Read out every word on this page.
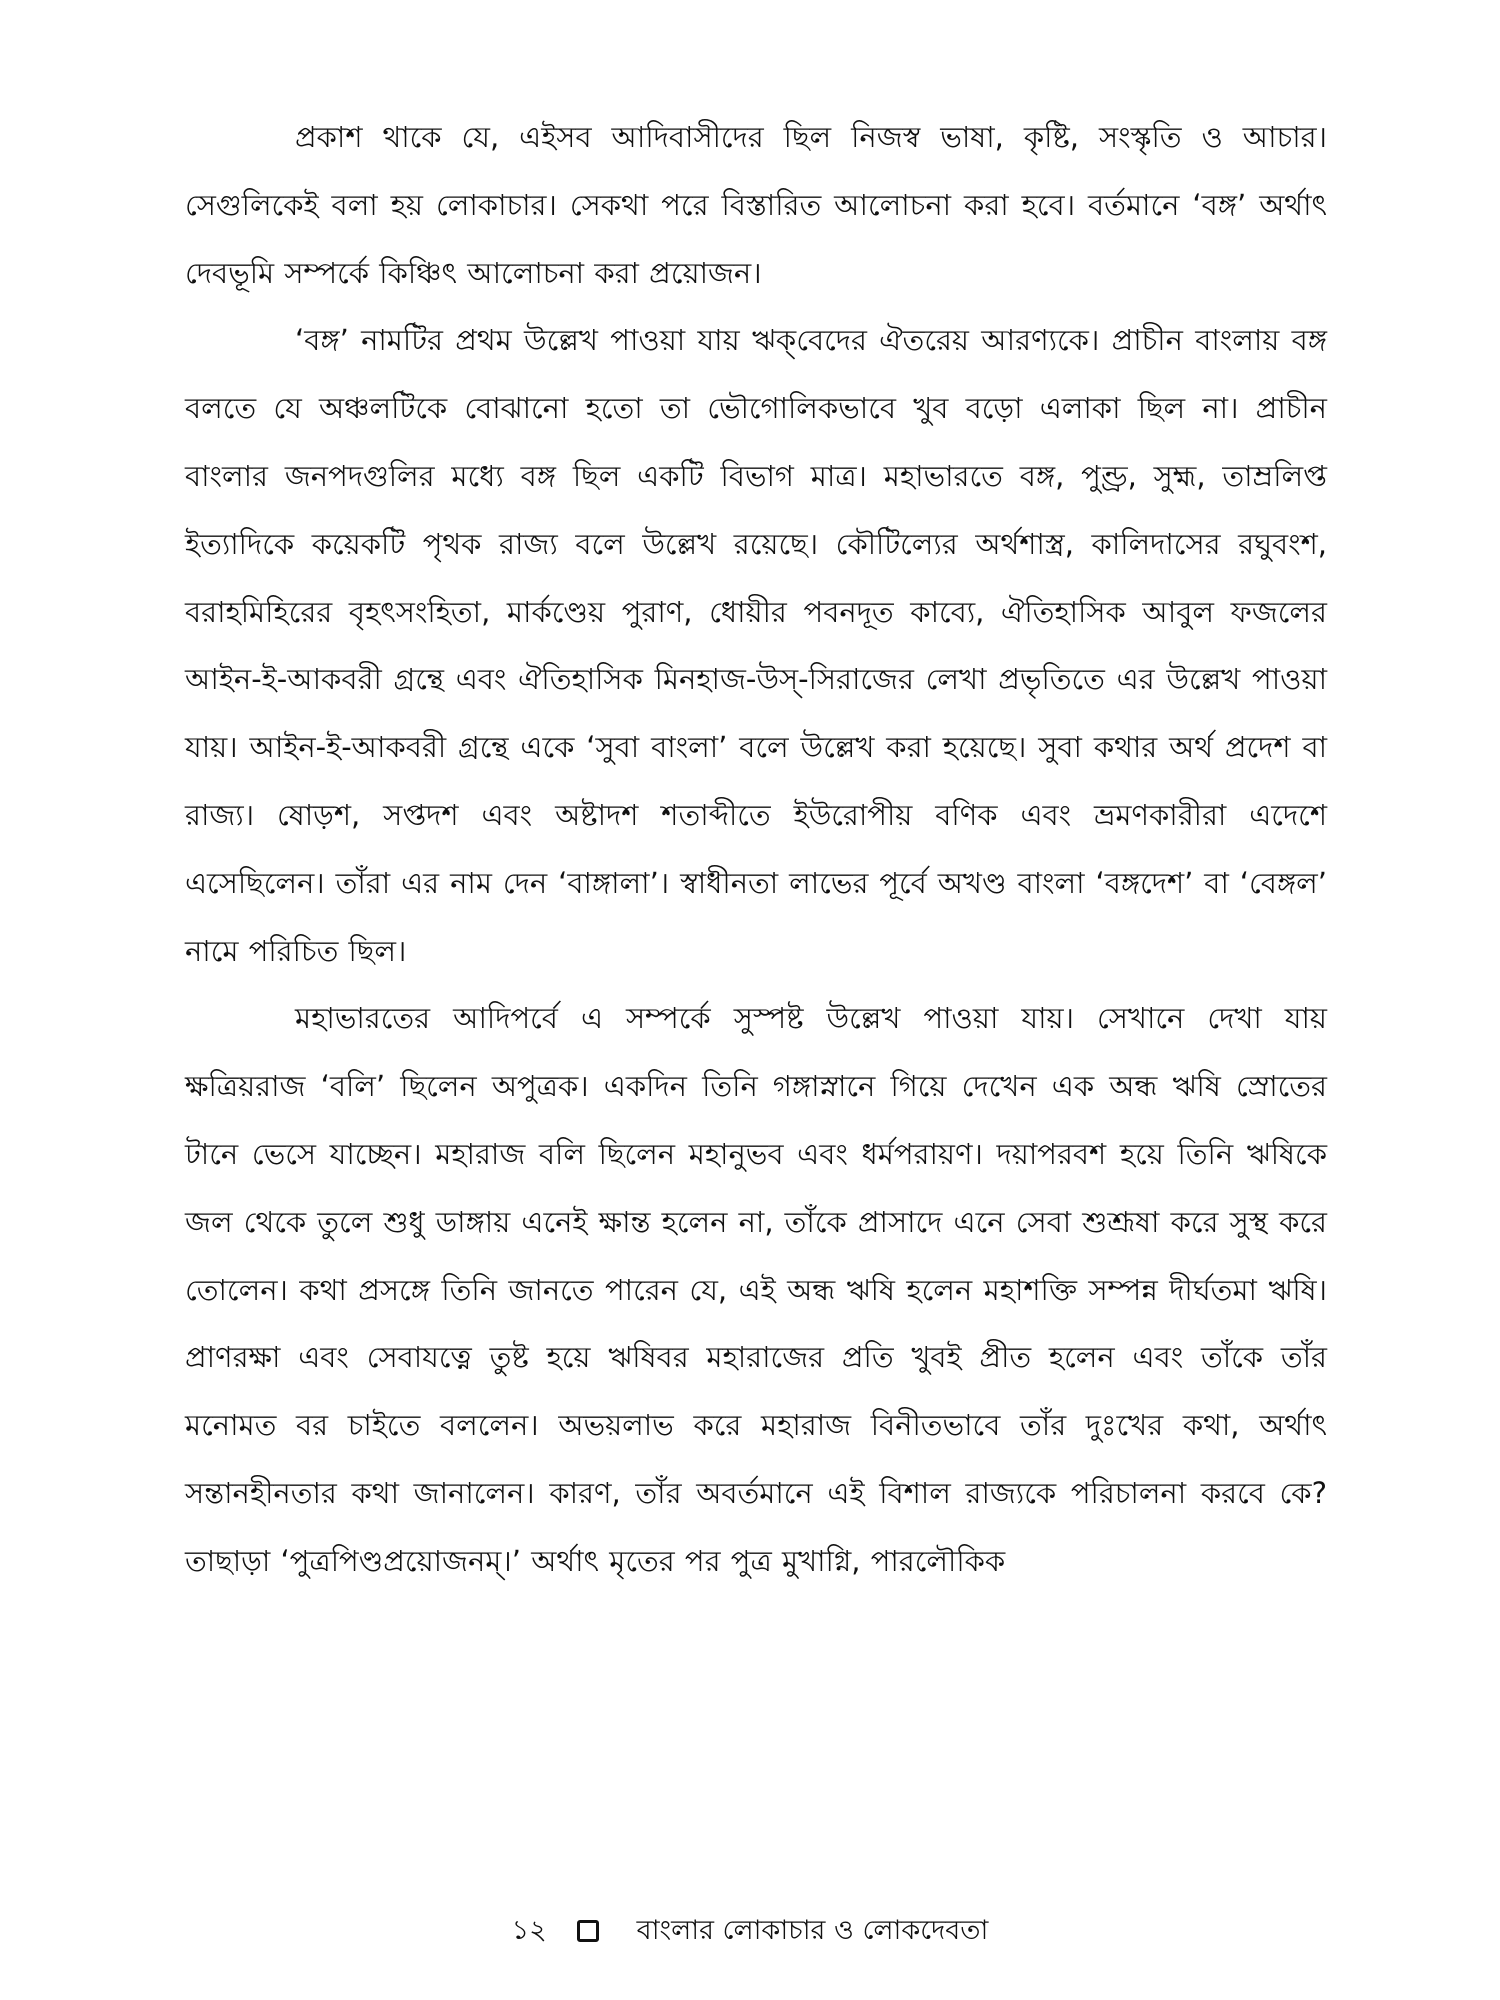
প্রকাশ থাকে যে, এইসব আদিবাসীদের ছিল নিজস্ব ভাষা, কৃষ্টি, সংস্কৃতি ও আচার। সেগুলিকেই বলা হয় লোকাচার। সেকথা পরে বিস্তারিত আলোচনা করা হবে। বর্তমানে ‘বঙ্গ’ অর্থাৎ দেবভূমি সম্পর্কে কিঞ্চিৎ আলোচনা করা প্রয়োজন।

‘বঙ্গ’ নামটির প্রথম উল্লেখ পাওয়া যায় ঋক্‌বেদের ঐতরেয় আরণ্যকে। প্রাচীন বাংলায় বঙ্গ বলতে যে অঞ্চলটিকে বোঝানো হতো তা ভৌগোলিকভাবে খুব বড়ো এলাকা ছিল না। প্রাচীন বাংলার জনপদগুলির মধ্যে বঙ্গ ছিল একটি বিভাগ মাত্র। মহাভারতে বঙ্গ, পুণ্ড্র, সুহ্ম, তাম্রলিপ্ত ইত্যাদিকে কয়েকটি পৃথক রাজ্য বলে উল্লেখ রয়েছে। কৌটিল্যের অর্থশাস্ত্র, কালিদাসের রঘুবংশ, বরাহমিহিরের বৃহৎসংহিতা, মার্কণ্ডেয় পুরাণ, ধোয়ীর পবনদূত কাব্যে, ঐতিহাসিক আবুল ফজলের আইন-ই-আকবরী গ্রন্থে এবং ঐতিহাসিক মিনহাজ-উস্‌-সিরাজের লেখা প্রভৃতিতে এর উল্লেখ পাওয়া যায়। আইন-ই-আকবরী গ্রন্থে একে ‘সুবা বাংলা’ বলে উল্লেখ করা হয়েছে। সুবা কথার অর্থ প্রদেশ বা রাজ্য। ষোড়শ, সপ্তদশ এবং অষ্টাদশ শতাব্দীতে ইউরোপীয় বণিক এবং ভ্রমণকারীরা এদেশে এসেছিলেন। তাঁরা এর নাম দেন ‘বাঙ্গালা’। স্বাধীনতা লাভের পূর্বে অখণ্ড বাংলা ‘বঙ্গদেশ’ বা ‘বেঙ্গল’ নামে পরিচিত ছিল।

মহাভারতের আদিপর্বে এ সম্পর্কে সুস্পষ্ট উল্লেখ পাওয়া যায়। সেখানে দেখা যায় ক্ষত্রিয়রাজ ‘বলি’ ছিলেন অপুত্রক। একদিন তিনি গঙ্গাস্নানে গিয়ে দেখেন এক অন্ধ ঋষি স্রোতের টানে ভেসে যাচ্ছেন। মহারাজ বলি ছিলেন মহানুভব এবং ধর্মপরায়ণ। দয়াপরবশ হয়ে তিনি ঋষিকে জল থেকে তুলে শুধু ডাঙ্গায় এনেই ক্ষান্ত হলেন না, তাঁকে প্রাসাদে এনে সেবা শুশ্রূষা করে সুস্থ করে তোলেন। কথা প্রসঙ্গে তিনি জানতে পারেন যে, এই অন্ধ ঋষি হলেন মহাশক্তি সম্পন্ন দীর্ঘতমা ঋষি। প্রাণরক্ষা এবং সেবাযত্নে তুষ্ট হয়ে ঋষিবর মহারাজের প্রতি খুবই প্রীত হলেন এবং তাঁকে তাঁর মনোমত বর চাইতে বললেন। অভয়লাভ করে মহারাজ বিনীতভাবে তাঁর দুঃখের কথা, অর্থাৎ সন্তানহীনতার কথা জানালেন। কারণ, তাঁর অবর্তমানে এই বিশাল রাজ্যকে পরিচালনা করবে কে? তাছাড়া ‘পুত্রপিণ্ডপ্রয়োজনম্‌।’ অর্থাৎ মৃতের পর পুত্র মুখাগ্নি, পারলৌকিক

১২	বাংলার লোকাচার ও লোকদেবতা
